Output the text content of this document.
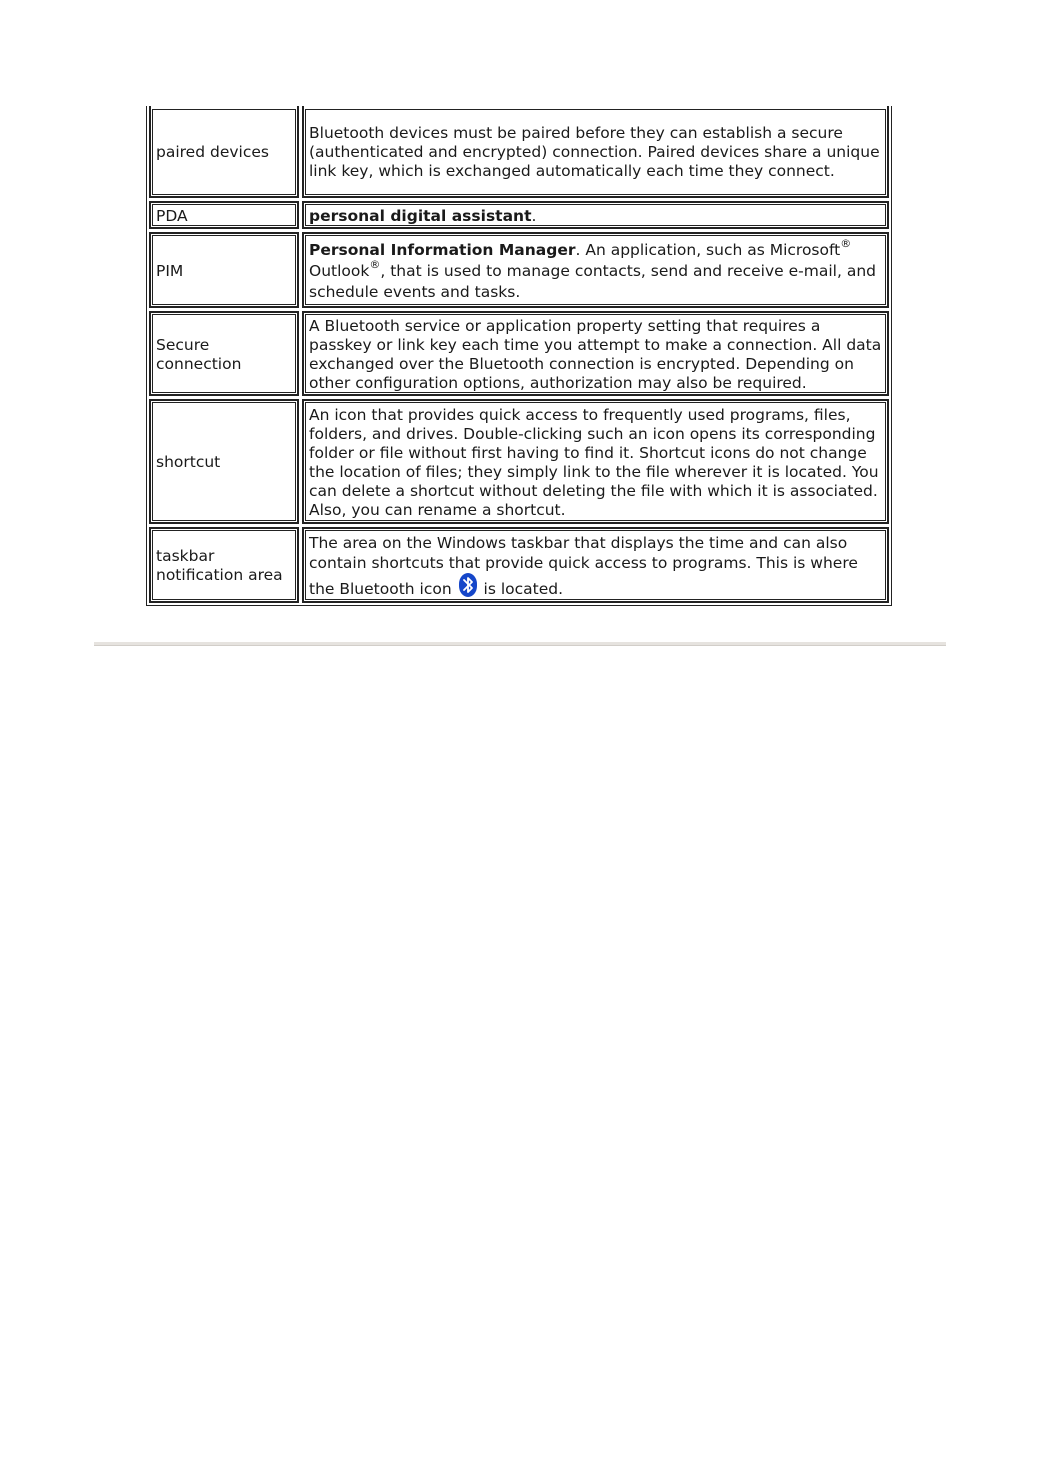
paired devices
Bluetooth devices must be paired before they can establish a secure (authenticated and encrypted) connection. Paired devices share a unique link key, which is exchanged automatically each time they connect.
PDA	personal digital assistant.
PIM
Personal Information Manager. An application, such as Microsoft® Outlook®, that is used to manage contacts, send and receive e-mail, and schedule events and tasks.
Secure connection
A Bluetooth service or application property setting that requires a passkey or link key each time you attempt to make a connection. All data exchanged over the Bluetooth connection is encrypted. Depending on other configuration options, authorization may also be required.
shortcut
An icon that provides quick access to frequently used programs, files, folders, and drives. Double-clicking such an icon opens its corresponding folder or file without first having to find it. Shortcut icons do not change the location of files; they simply link to the file wherever it is located. You can delete a shortcut without deleting the file with which it is associated. Also, you can rename a shortcut.
taskbar notification area
The area on the Windows taskbar that displays the time and can also contain shortcuts that provide quick access to programs. This is where the Bluetooth icon
is located.
